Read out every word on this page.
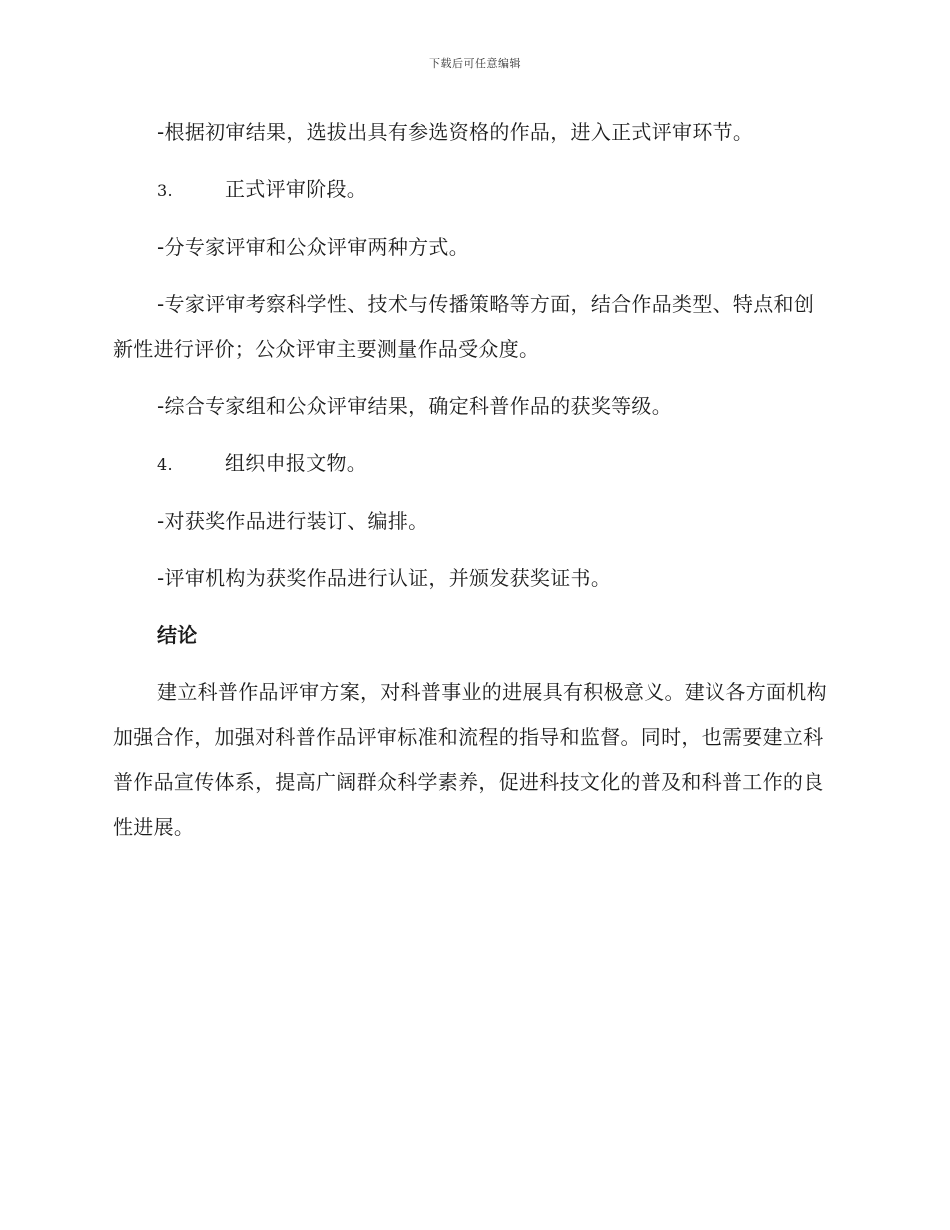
下载后可任意编辑

-根据初审结果，选拔出具有参选资格的作品，进入正式评审环节。

3.	正式评审阶段。

-分专家评审和公众评审两种方式。

-专家评审考察科学性、技术与传播策略等方面，结合作品类型、特点和创新性进行评价；公众评审主要测量作品受众度。

-综合专家组和公众评审结果，确定科普作品的获奖等级。

4.	组织申报文物。

-对获奖作品进行装订、编排。

-评审机构为获奖作品进行认证，并颁发获奖证书。

结论

建立科普作品评审方案，对科普事业的进展具有积极意义。建议各方面机构加强合作，加强对科普作品评审标准和流程的指导和监督。同时，也需要建立科普作品宣传体系，提高广阔群众科学素养，促进科技文化的普及和科普工作的良性进展。
